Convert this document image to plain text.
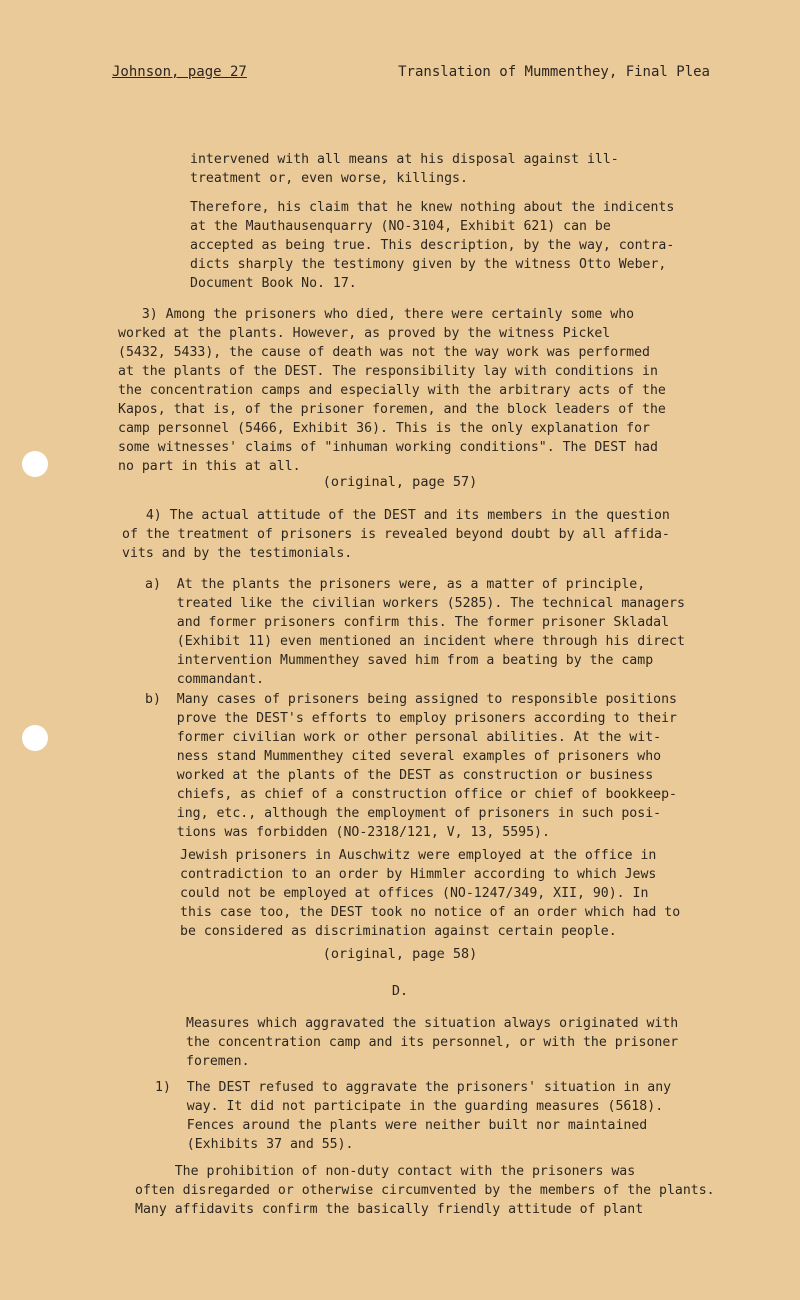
Johnson, page 27	Translation of Mummenthey, Final Plea
intervened with all means at his disposal against ill-
treatment or, even worse, killings.
Therefore, his claim that he knew nothing about the indicents
at the Mauthausenquarry (NO-3104, Exhibit 621) can be
accepted as being true. This description, by the way, contra-
dicts sharply the testimony given by the witness Otto Weber,
Document Book No. 17.
3) Among the prisoners who died, there were certainly some who
worked at the plants. However, as proved by the witness Pickel
(5432, 5433), the cause of death was not the way work was performed
at the plants of the DEST. The responsibility lay with conditions in
the concentration camps and especially with the arbitrary acts of the
Kapos, that is, of the prisoner foremen, and the block leaders of the
camp personnel (5466, Exhibit 36). This is the only explanation for
some witnesses' claims of "inhuman working conditions". The DEST had
no part in this at all.
(original, page 57)
4) The actual attitude of the DEST and its members in the question
of the treatment of prisoners is revealed beyond doubt by all affida-
vits and by the testimonials.
a)  At the plants the prisoners were, as a matter of principle,
treated like the civilian workers (5285). The technical managers
and former prisoners confirm this. The former prisoner Skladal
(Exhibit 11) even mentioned an incident where through his direct
intervention Mummenthey saved him from a beating by the camp
commandant.
b)  Many cases of prisoners being assigned to responsible positions
prove the DEST's efforts to employ prisoners according to their
former civilian work or other personal abilities. At the wit-
ness stand Mummenthey cited several examples of prisoners who
worked at the plants of the DEST as construction or business
chiefs, as chief of a construction office or chief of bookkeep-
ing, etc., although the employment of prisoners in such posi-
tions was forbidden (NO-2318/121, V, 13, 5595).
Jewish prisoners in Auschwitz were employed at the office in
contradiction to an order by Himmler according to which Jews
could not be employed at offices (NO-1247/349, XII, 90). In
this case too, the DEST took no notice of an order which had to
be considered as discrimination against certain people.
(original, page 58)
D.
Measures which aggravated the situation always originated with
the concentration camp and its personnel, or with the prisoner
foremen.
1)  The DEST refused to aggravate the prisoners' situation in any
way. It did not participate in the guarding measures (5618).
Fences around the plants were neither built nor maintained
(Exhibits 37 and 55).
The prohibition of non-duty contact with the prisoners was
often disregarded or otherwise circumvented by the members of the plants.
Many affidavits confirm the basically friendly attitude of plant
